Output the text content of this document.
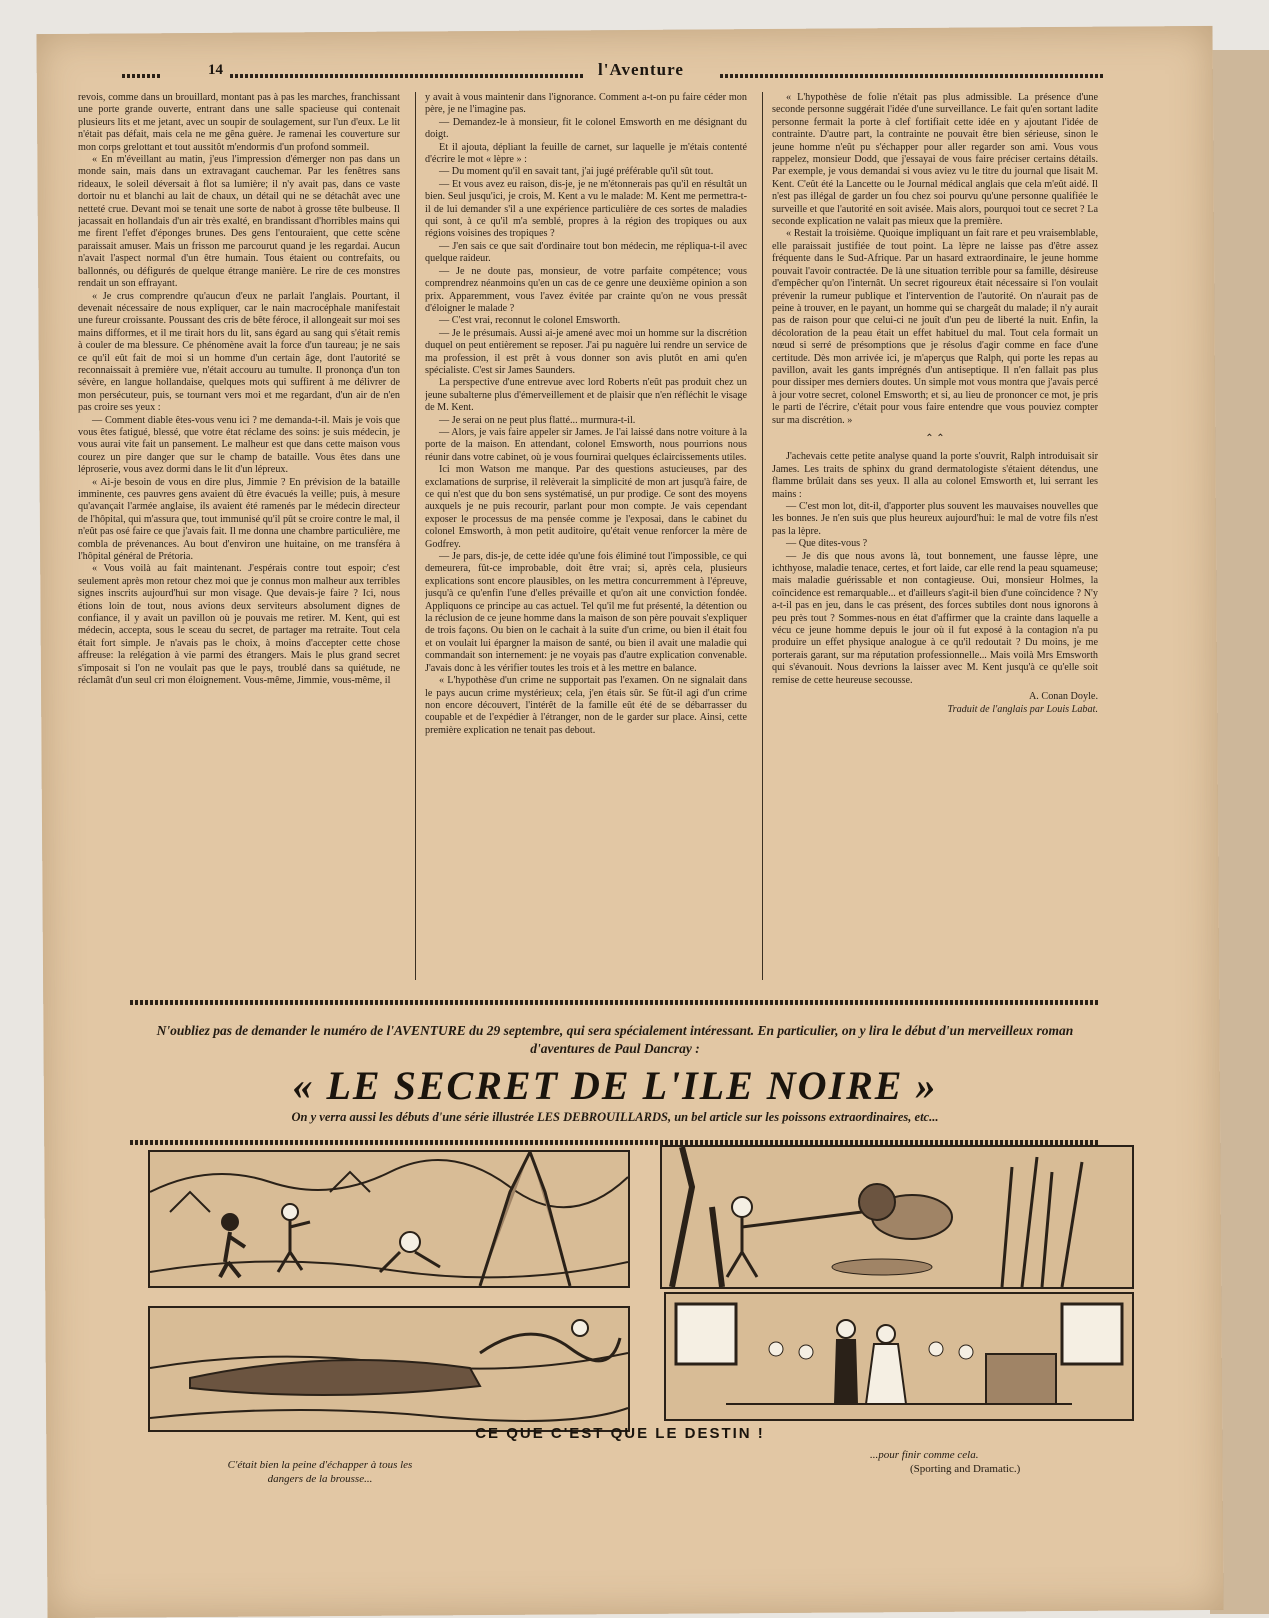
14	l'Aventure

revois, comme dans un brouillard, montant pas à pas les marches, franchissant une porte grande ouverte, entrant dans une salle spacieuse qui contenait plusieurs lits et me jetant, avec un soupir de soulagement, sur l'un d'eux. Le lit n'était pas défait, mais cela ne me gêna guère. Je ramenai les couverture sur mon corps grelottant et tout aussitôt m'endormis d'un profond sommeil.

« En m'éveillant au matin, j'eus l'impression d'émerger non pas dans un monde sain, mais dans un extravagant cauchemar. Par les fenêtres sans rideaux, le soleil déversait à flot sa lumière; il n'y avait pas, dans ce vaste dortoir nu et blanchi au lait de chaux, un détail qui ne se détachât avec une netteté crue. Devant moi se tenait une sorte de nabot à grosse tête bulbeuse. Il jacassait en hollandais d'un air très exalté, en brandissant d'horribles mains qui me firent l'effet d'éponges brunes. Des gens l'entouraient, que cette scène paraissait amuser. Mais un frisson me parcourut quand je les regardai. Aucun n'avait l'aspect normal d'un être humain. Tous étaient ou contrefaits, ou ballonnés, ou défigurés de quelque étrange manière. Le rire de ces monstres rendait un son effrayant.

« Je crus comprendre qu'aucun d'eux ne parlait l'anglais. Pourtant, il devenait nécessaire de nous expliquer, car le nain macrocéphale manifestait une fureur croissante. Poussant des cris de bête féroce, il allongeait sur moi ses mains difformes, et il me tirait hors du lit, sans égard au sang qui s'était remis à couler de ma blessure. Ce phénomène avait la force d'un taureau; je ne sais ce qu'il eût fait de moi si un homme d'un certain âge, dont l'autorité se reconnaissait à première vue, n'était accouru au tumulte. Il prononça d'un ton sévère, en langue hollandaise, quelques mots qui suffirent à me délivrer de mon persécuteur, puis, se tournant vers moi et me regardant, d'un air de n'en pas croire ses yeux :

— Comment diable êtes-vous venu ici ? me demanda-t-il. Mais je vois que vous êtes fatigué, blessé, que votre état réclame des soins: je suis médecin, je vous aurai vite fait un pansement. Le malheur est que dans cette maison vous courez un pire danger que sur le champ de bataille. Vous êtes dans une léproserie, vous avez dormi dans le lit d'un lépreux.

« Ai-je besoin de vous en dire plus, Jimmie ? En prévision de la bataille imminente, ces pauvres gens avaient dû être évacués la veille; puis, à mesure qu'avançait l'armée anglaise, ils avaient été ramenés par le médecin directeur de l'hôpital, qui m'assura que, tout immunisé qu'il pût se croire contre le mal, il n'eût pas osé faire ce que j'avais fait. Il me donna une chambre particulière, me combla de prévenances. Au bout d'environ une huitaine, on me transféra à l'hôpital général de Prétoria.

« Vous voilà au fait maintenant. J'espérais contre tout espoir; c'est seulement après mon retour chez moi que je connus mon malheur aux terribles signes inscrits aujourd'hui sur mon visage. Que devais-je faire ? Ici, nous étions loin de tout, nous avions deux serviteurs absolument dignes de confiance, il y avait un pavillon où je pouvais me retirer. M. Kent, qui est médecin, accepta, sous le sceau du secret, de partager ma retraite. Tout cela était fort simple. Je n'avais pas le choix, à moins d'accepter cette chose affreuse: la relégation à vie parmi des étrangers. Mais le plus grand secret s'imposait si l'on ne voulait pas que le pays, troublé dans sa quiétude, ne réclamât d'un seul cri mon éloignement. Vous-même, Jimmie, vous-même, il

y avait à vous maintenir dans l'ignorance. Comment a-t-on pu faire céder mon père, je ne l'imagine pas.

— Demandez-le à monsieur, fit le colonel Emsworth en me désignant du doigt.

Et il ajouta, dépliant la feuille de carnet, sur laquelle je m'étais contenté d'écrire le mot « lèpre » :

— Du moment qu'il en savait tant, j'ai jugé préférable qu'il sût tout.

— Et vous avez eu raison, dis-je, je ne m'étonnerais pas qu'il en résultât un bien. Seul jusqu'ici, je crois, M. Kent a vu le malade: M. Kent me permettra-t-il de lui demander s'il a une expérience particulière de ces sortes de maladies qui sont, à ce qu'il m'a semblé, propres à la région des tropiques ou aux régions voisines des tropiques ?

— J'en sais ce que sait d'ordinaire tout bon médecin, me répliqua-t-il avec quelque raideur.

— Je ne doute pas, monsieur, de votre parfaite compétence; vous comprendrez néanmoins qu'en un cas de ce genre une deuxième opinion a son prix. Apparemment, vous l'avez évitée par crainte qu'on ne vous pressât d'éloigner le malade ?

— C'est vrai, reconnut le colonel Emsworth.

— Je le présumais. Aussi ai-je amené avec moi un homme sur la discrétion duquel on peut entièrement se reposer. J'ai pu naguère lui rendre un service de ma profession, il est prêt à vous donner son avis plutôt en ami qu'en spécialiste. C'est sir James Saunders.

La perspective d'une entrevue avec lord Roberts n'eût pas produit chez un jeune subalterne plus d'émerveillement et de plaisir que n'en réfléchit le visage de M. Kent.

— Je serai on ne peut plus flatté... murmura-t-il.

— Alors, je vais faire appeler sir James. Je l'ai laissé dans notre voiture à la porte de la maison. En attendant, colonel Emsworth, nous pourrions nous réunir dans votre cabinet, où je vous fournirai quelques éclaircissements utiles.

Ici mon Watson me manque. Par des questions astucieuses, par des exclamations de surprise, il relèverait la simplicité de mon art jusqu'à faire, de ce qui n'est que du bon sens systématisé, un pur prodige. Ce sont des moyens auxquels je ne puis recourir, parlant pour mon compte. Je vais cependant exposer le processus de ma pensée comme je l'exposai, dans le cabinet du colonel Emsworth, à mon petit auditoire, qu'était venue renforcer la mère de Godfrey.

— Je pars, dis-je, de cette idée qu'une fois éliminé tout l'impossible, ce qui demeurera, fût-ce improbable, doit être vrai; si, après cela, plusieurs explications sont encore plausibles, on les mettra concurremment à l'épreuve, jusqu'à ce qu'enfin l'une d'elles prévaille et qu'on ait une conviction fondée. Appliquons ce principe au cas actuel. Tel qu'il me fut présenté, la détention ou la réclusion de ce jeune homme dans la maison de son père pouvait s'expliquer de trois façons. Ou bien on le cachait à la suite d'un crime, ou bien il était fou et on voulait lui épargner la maison de santé, ou bien il avait une maladie qui commandait son internement: je ne voyais pas d'autre explication convenable. J'avais donc à les vérifier toutes les trois et à les mettre en balance.

« L'hypothèse d'un crime ne supportait pas l'examen. On ne signalait dans le pays aucun crime mystérieux; cela, j'en étais sûr. Se fût-il agi d'un crime non encore découvert, l'intérêt de la famille eût été de se débarrasser du coupable et de l'expédier à l'étranger, non de le garder sur place. Ainsi, cette première explication ne tenait pas debout.

« L'hypothèse de folie n'était pas plus admissible. La présence d'une seconde personne suggérait l'idée d'une surveillance. Le fait qu'en sortant ladite personne fermait la porte à clef fortifiait cette idée en y ajoutant l'idée de contrainte. D'autre part, la contrainte ne pouvait être bien sérieuse, sinon le jeune homme n'eût pu s'échapper pour aller regarder son ami. Vous vous rappelez, monsieur Dodd, que j'essayai de vous faire préciser certains détails. Par exemple, je vous demandai si vous aviez vu le titre du journal que lisait M. Kent. C'eût été la Lancette ou le Journal médical anglais que cela m'eût aidé. Il n'est pas illégal de garder un fou chez soi pourvu qu'une personne qualifiée le surveille et que l'autorité en soit avisée. Mais alors, pourquoi tout ce secret ? La seconde explication ne valait pas mieux que la première.

« Restait la troisième. Quoique impliquant un fait rare et peu vraisemblable, elle paraissait justifiée de tout point. La lèpre ne laisse pas d'être assez fréquente dans le Sud-Afrique. Par un hasard extraordinaire, le jeune homme pouvait l'avoir contractée. De là une situation terrible pour sa famille, désireuse d'empêcher qu'on l'internât. Un secret rigoureux était nécessaire si l'on voulait prévenir la rumeur publique et l'intervention de l'autorité. On n'aurait pas de peine à trouver, en le payant, un homme qui se chargeât du malade; il n'y aurait pas de raison pour que celui-ci ne jouît d'un peu de liberté la nuit. Enfin, la décoloration de la peau était un effet habituel du mal. Tout cela formait un nœud si serré de présomptions que je résolus d'agir comme en face d'une certitude. Dès mon arrivée ici, je m'aperçus que Ralph, qui porte les repas au pavillon, avait les gants imprégnés d'un antiseptique. Il n'en fallait pas plus pour dissiper mes derniers doutes. Un simple mot vous montra que j'avais percé à jour votre secret, colonel Emsworth; et si, au lieu de prononcer ce mot, je pris le parti de l'écrire, c'était pour vous faire entendre que vous pouviez compter sur ma discrétion. »

⌃ ⌃

J'achevais cette petite analyse quand la porte s'ouvrit, Ralph introduisait sir James. Les traits de sphinx du grand dermatologiste s'étaient détendus, une flamme brûlait dans ses yeux. Il alla au colonel Emsworth et, lui serrant les mains :

— C'est mon lot, dit-il, d'apporter plus souvent les mauvaises nouvelles que les bonnes. Je n'en suis que plus heureux aujourd'hui: le mal de votre fils n'est pas la lèpre.

— Que dites-vous ?

— Je dis que nous avons là, tout bonnement, une fausse lèpre, une ichthyose, maladie tenace, certes, et fort laide, car elle rend la peau squameuse; mais maladie guérissable et non contagieuse. Oui, monsieur Holmes, la coïncidence est remarquable... et d'ailleurs s'agit-il bien d'une coïncidence ? N'y a-t-il pas en jeu, dans le cas présent, des forces subtiles dont nous ignorons à peu près tout ? Sommes-nous en état d'affirmer que la crainte dans laquelle a vécu ce jeune homme depuis le jour où il fut exposé à la contagion n'a pu produire un effet physique analogue à ce qu'il redoutait ? Du moins, je me porterais garant, sur ma réputation professionnelle... Mais voilà Mrs Emsworth qui s'évanouit. Nous devrions la laisser avec M. Kent jusqu'à ce qu'elle soit remise de cette heureuse secousse.

A. Conan Doyle.

Traduit de l'anglais par Louis Labat.

N'oubliez pas de demander le numéro de l'AVENTURE du 29 septembre, qui sera spécialement intéressant. En particulier, on y lira le début d'un merveilleux roman d'aventures de Paul Dancray :
« LE SECRET DE L'ILE NOIRE »
On y verra aussi les débuts d'une série illustrée LES DEBROUILLARDS, un bel article sur les poissons extraordinaires, etc...
CE QUE C'EST QUE LE DESTIN !
C'était bien la peine d'échapper à tous les dangers de la brousse...
...pour finir comme cela.
(Sporting and Dramatic.)
